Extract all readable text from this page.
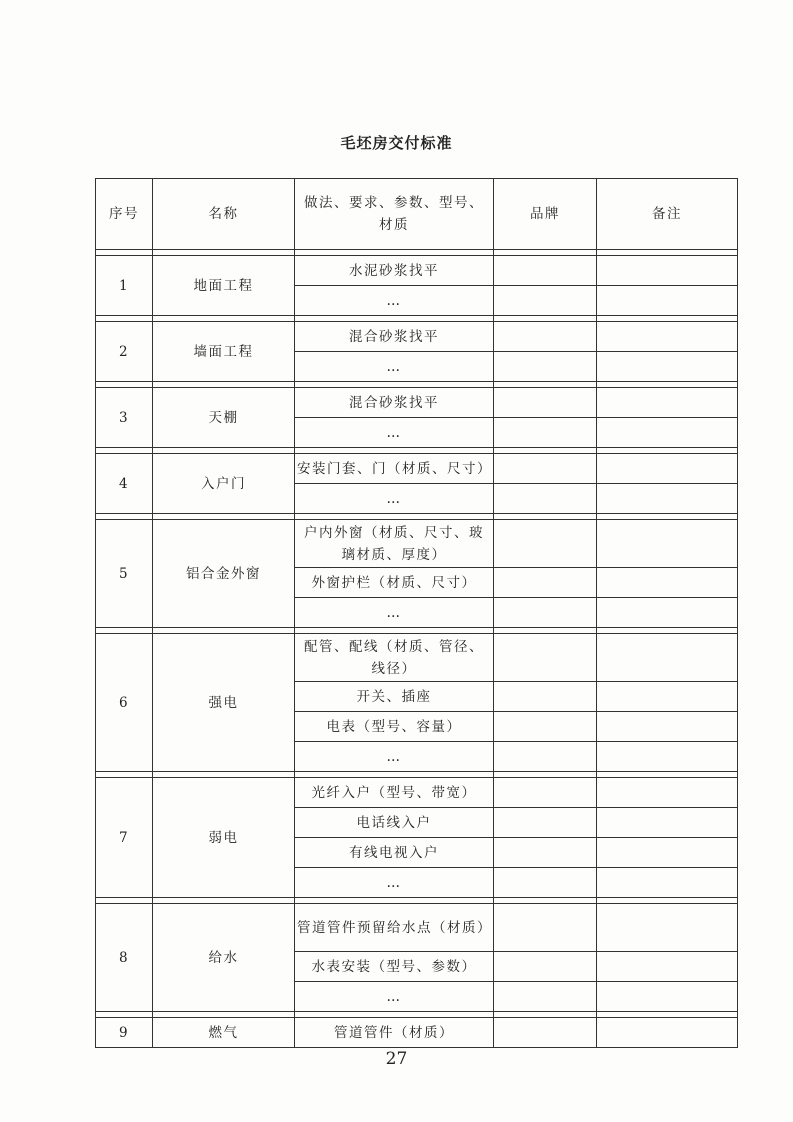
毛坯房交付标准
序号	名称	做法、要求、参数、型号、材质	品牌	备注

1	地面工程	水泥砂浆找平		
		…		

2	墙面工程	混合砂浆找平		
		…		

3	天棚	混合砂浆找平		
		…		

4	入户门	安装门套、门（材质、尺寸）		
		…		

5	铝合金外窗	户内外窗（材质、尺寸、玻璃材质、厚度）		
		外窗护栏（材质、尺寸）		
		…		

6	强电	配管、配线（材质、管径、线径）		
		开关、插座		
		电表（型号、容量）		
		…		

7	弱电	光纤入户（型号、带宽）		
		电话线入户		
		有线电视入户		
		…		

8	给水	管道管件预留给水点（材质）		
		水表安装（型号、参数）		
		…		

9	燃气	管道管件（材质）		
27
